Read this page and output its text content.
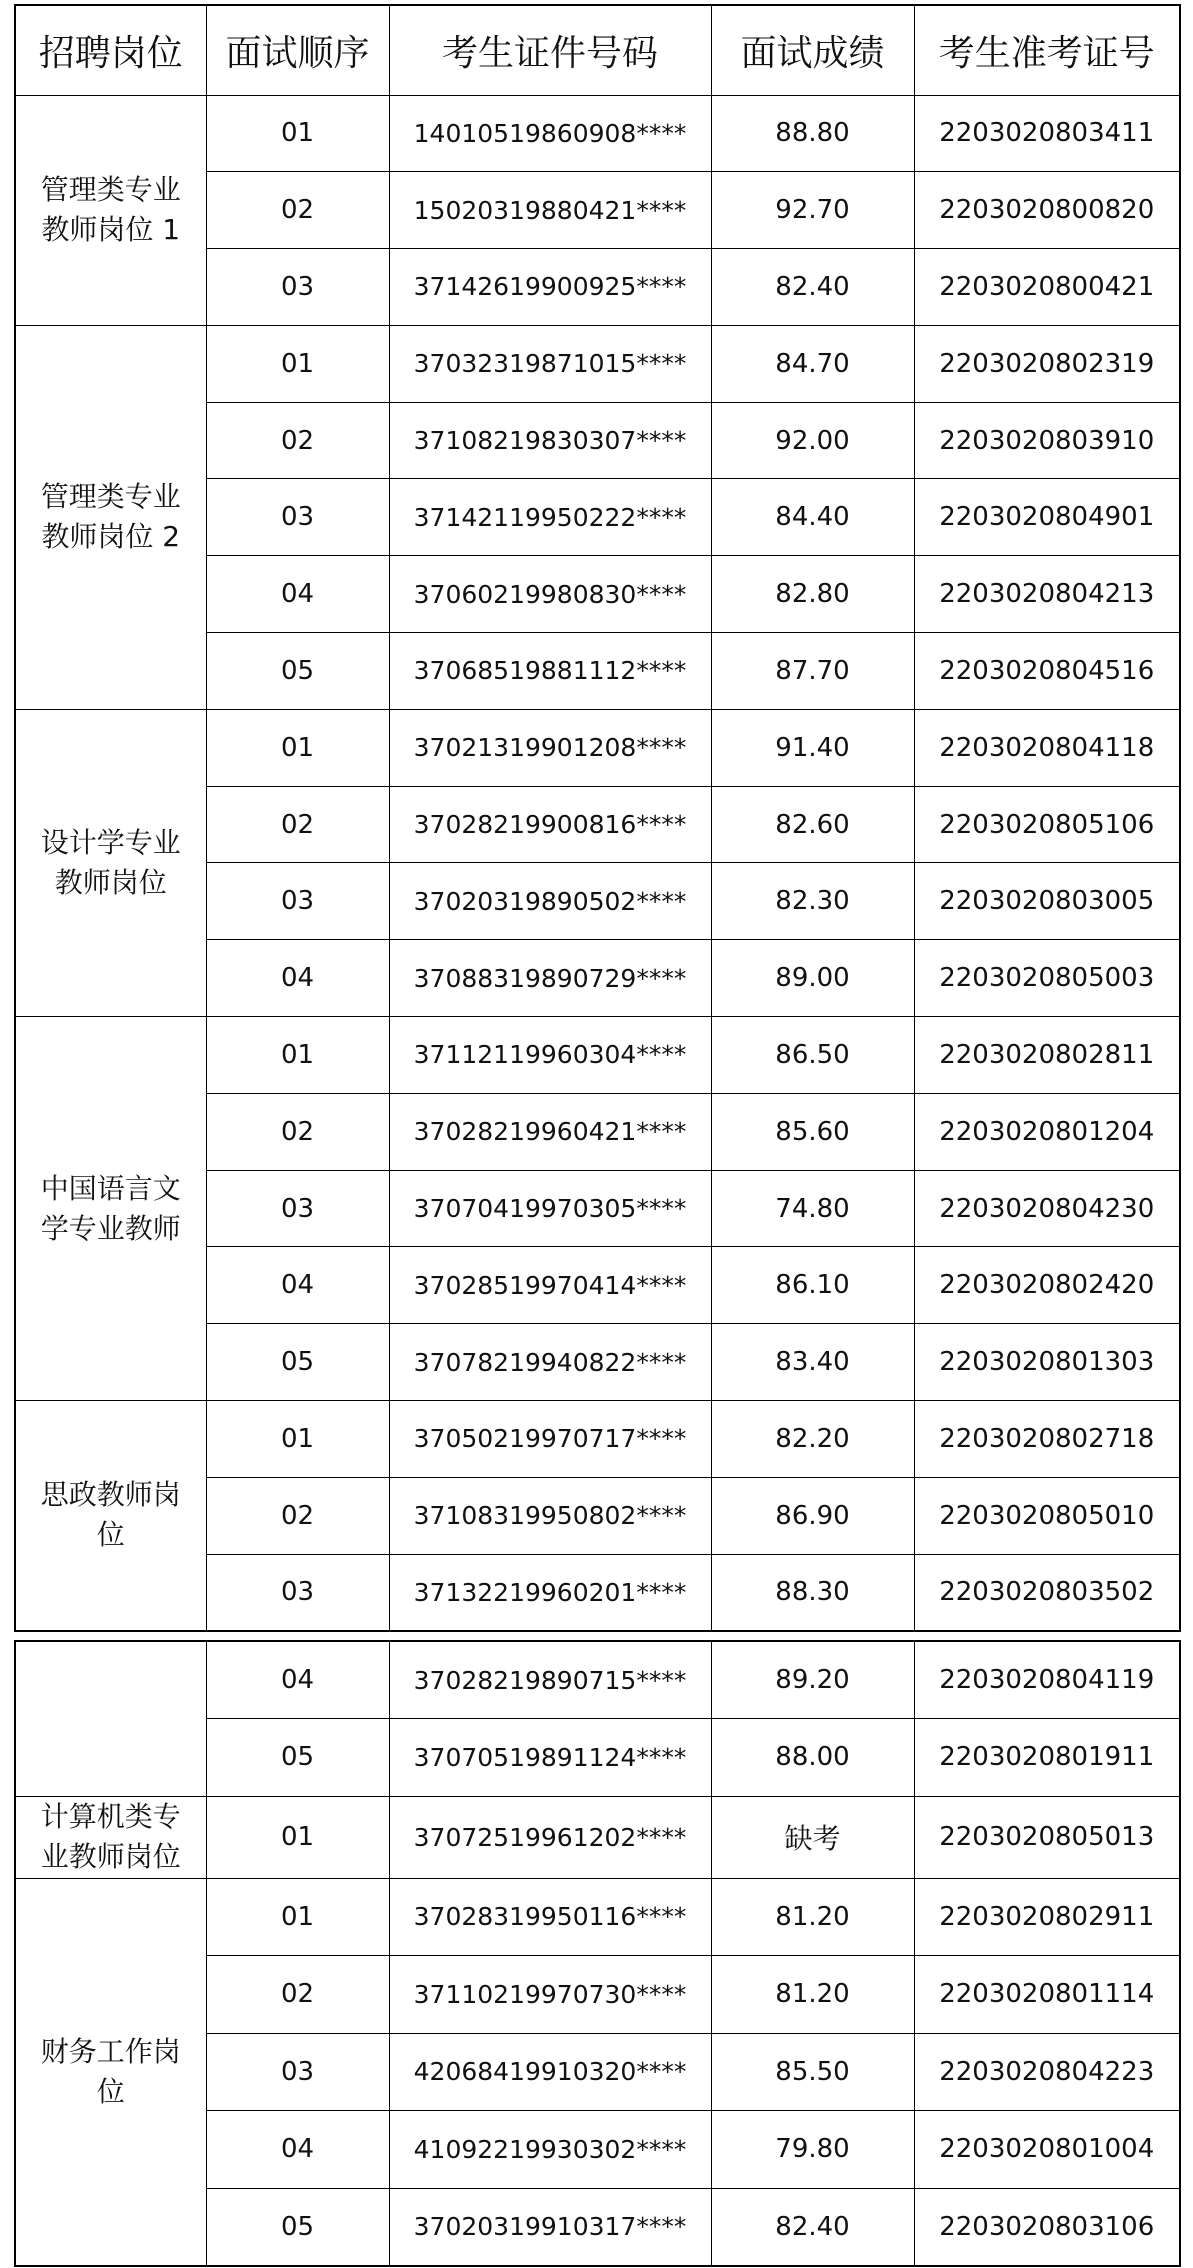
招聘岗位	面试顺序	考生证件号码	面试成绩	考生准考证号

管理类专业
教师岗位 1	01	14010519860908****	88.80	2203020803411
	02	15020319880421****	92.70	2203020800820
	03	37142619900925****	82.40	2203020800421

管理类专业
教师岗位 2	01	37032319871015****	84.70	2203020802319
	02	37108219830307****	92.00	2203020803910
	03	37142119950222****	84.40	2203020804901
	04	37060219980830****	82.80	2203020804213
	05	37068519881112****	87.70	2203020804516

设计学专业
教师岗位	01	37021319901208****	91.40	2203020804118
	02	37028219900816****	82.60	2203020805106
	03	37020319890502****	82.30	2203020803005
	04	37088319890729****	89.00	2203020805003

中国语言文
学专业教师	01	37112119960304****	86.50	2203020802811
	02	37028219960421****	85.60	2203020801204
	03	37070419970305****	74.80	2203020804230
	04	37028519970414****	86.10	2203020802420
	05	37078219940822****	83.40	2203020801303

思政教师岗
位	01	37050219970717****	82.20	2203020802718
	02	37108319950802****	86.90	2203020805010
	03	37132219960201****	88.30	2203020803502
	04	37028219890715****	89.20	2203020804119
	05	37070519891124****	88.00	2203020801911

计算机类专
业教师岗位	01	37072519961202****	缺考	2203020805013

财务工作岗
位	01	37028319950116****	81.20	2203020802911
	02	37110219970730****	81.20	2203020801114
	03	42068419910320****	85.50	2203020804223
	04	41092219930302****	79.80	2203020801004
	05	37020319910317****	82.40	2203020803106
